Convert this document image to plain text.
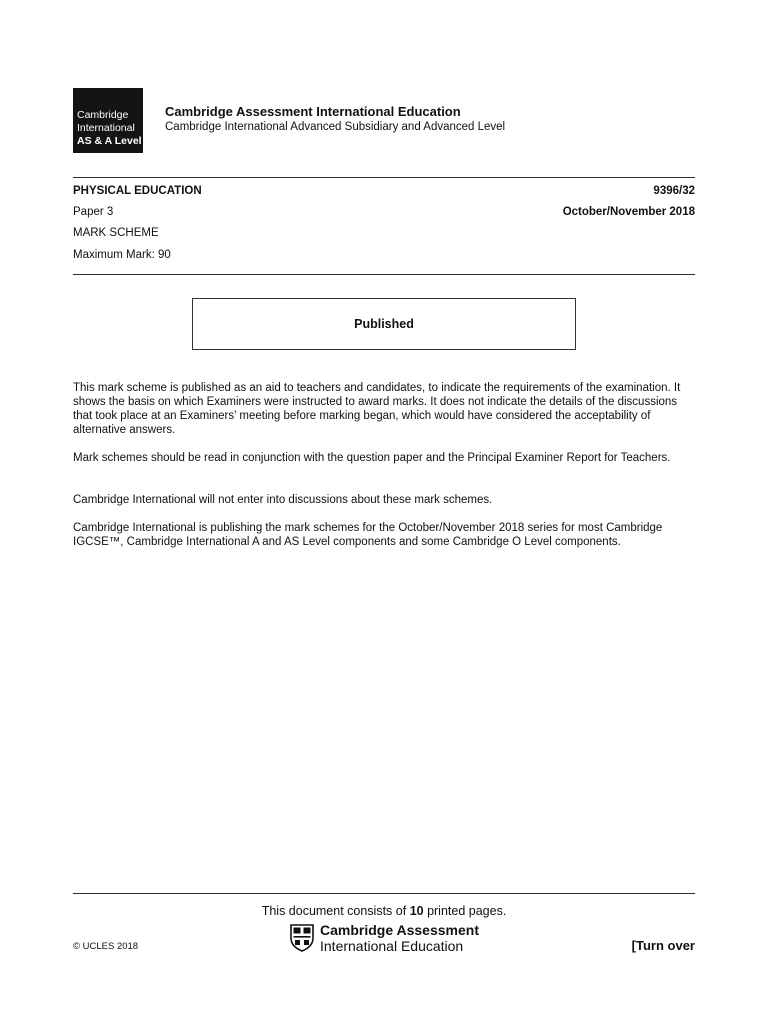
Cambridge
International
AS & A Level
Cambridge Assessment International Education
Cambridge International Advanced Subsidiary and Advanced Level
PHYSICAL EDUCATION	9396/32
Paper 3	October/November 2018
MARK SCHEME
Maximum Mark: 90
Published

This mark scheme is published as an aid to teachers and candidates, to indicate the requirements of the examination. It shows the basis on which Examiners were instructed to award marks. It does not indicate the details of the discussions that took place at an Examiners’ meeting before marking began, which would have considered the acceptability of alternative answers.

Mark schemes should be read in conjunction with the question paper and the Principal Examiner Report for Teachers.

Cambridge International will not enter into discussions about these mark schemes.

Cambridge International is publishing the mark schemes for the October/November 2018 series for most Cambridge IGCSE™, Cambridge International A and AS Level components and some Cambridge O Level components.

This document consists of 10 printed pages.
© UCLES 2018
Cambridge Assessment
International Education	[Turn over
